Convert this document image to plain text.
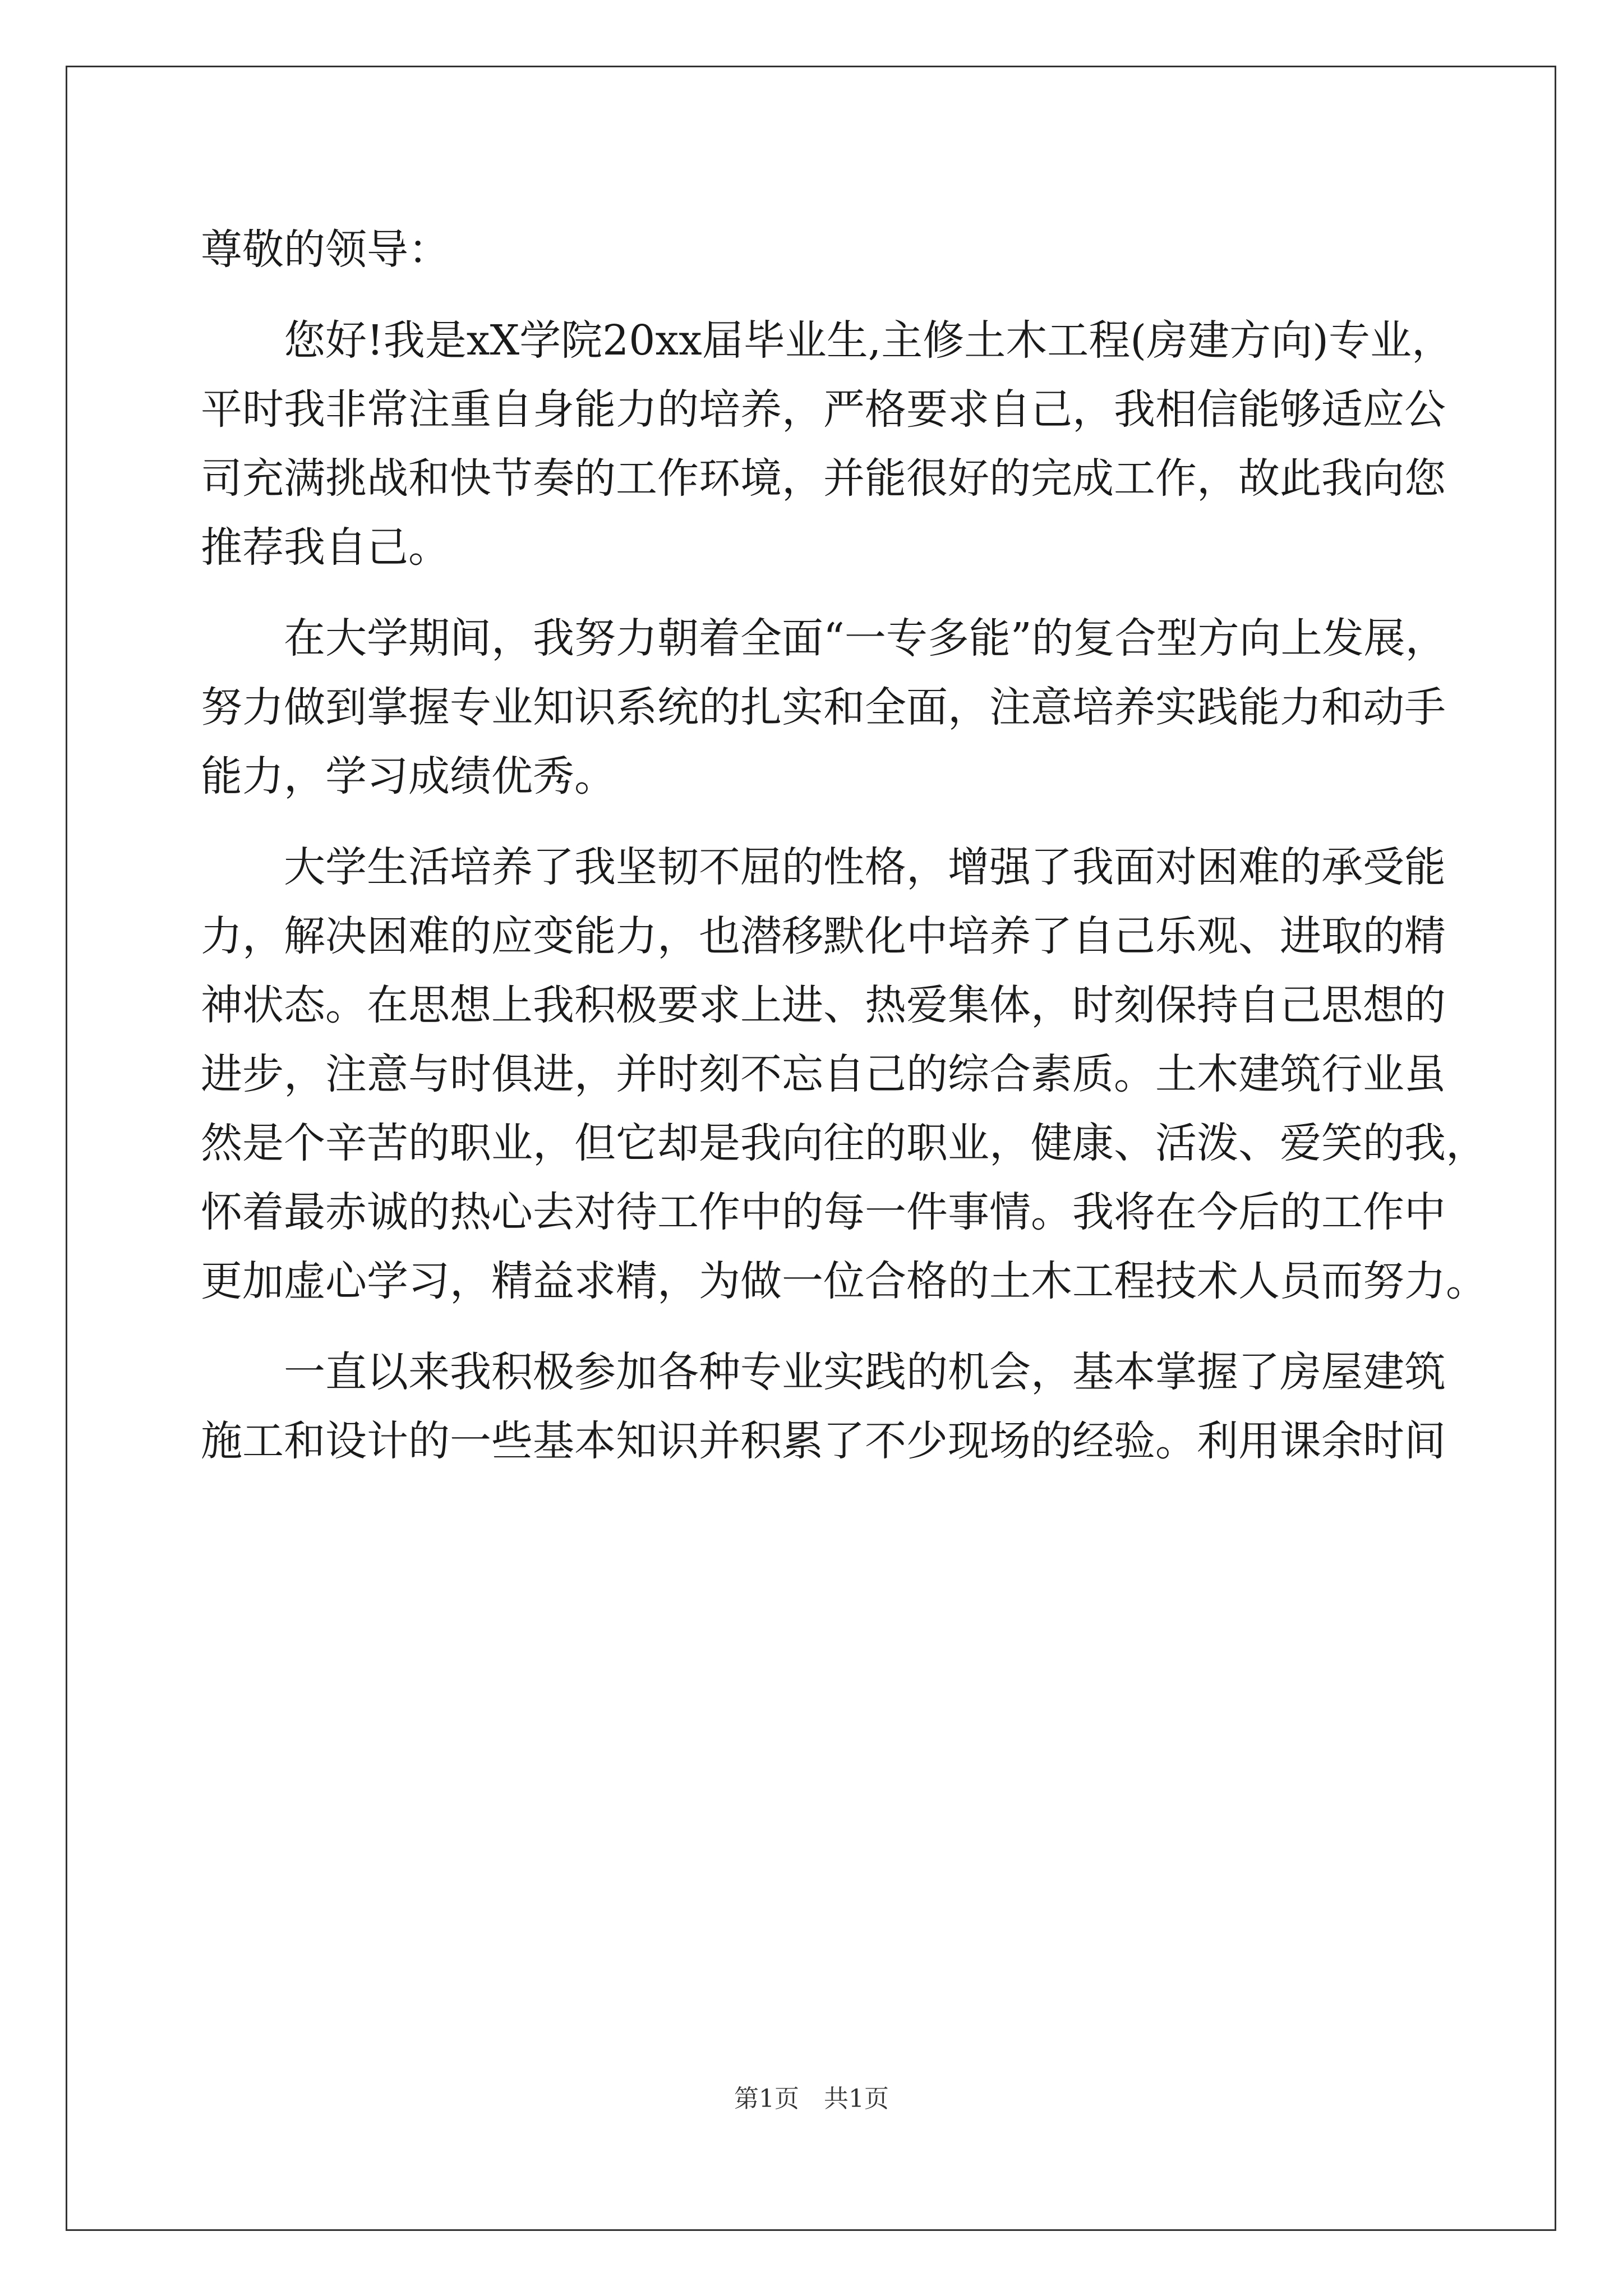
尊敬的领导：
　　您好!我是xX学院20xx届毕业生,主修土木工程(房建方向)专业，
平时我非常注重自身能力的培养，严格要求自己，我相信能够适应公
司充满挑战和快节奏的工作环境，并能很好的完成工作，故此我向您
推荐我自己。
　　在大学期间，我努力朝着全面“一专多能”的复合型方向上发展，
努力做到掌握专业知识系统的扎实和全面，注意培养实践能力和动手
能力，学习成绩优秀。
　　大学生活培养了我坚韧不屈的性格，增强了我面对困难的承受能
力，解决困难的应变能力，也潜移默化中培养了自己乐观、进取的精
神状态。在思想上我积极要求上进、热爱集体，时刻保持自己思想的
进步，注意与时俱进，并时刻不忘自己的综合素质。土木建筑行业虽
然是个辛苦的职业，但它却是我向往的职业，健康、活泼、爱笑的我，
怀着最赤诚的热心去对待工作中的每一件事情。我将在今后的工作中
更加虚心学习，精益求精，为做一位合格的土木工程技术人员而努力。
　　一直以来我积极参加各种专业实践的机会，基本掌握了房屋建筑
施工和设计的一些基本知识并积累了不少现场的经验。利用课余时间
第1页　共1页
